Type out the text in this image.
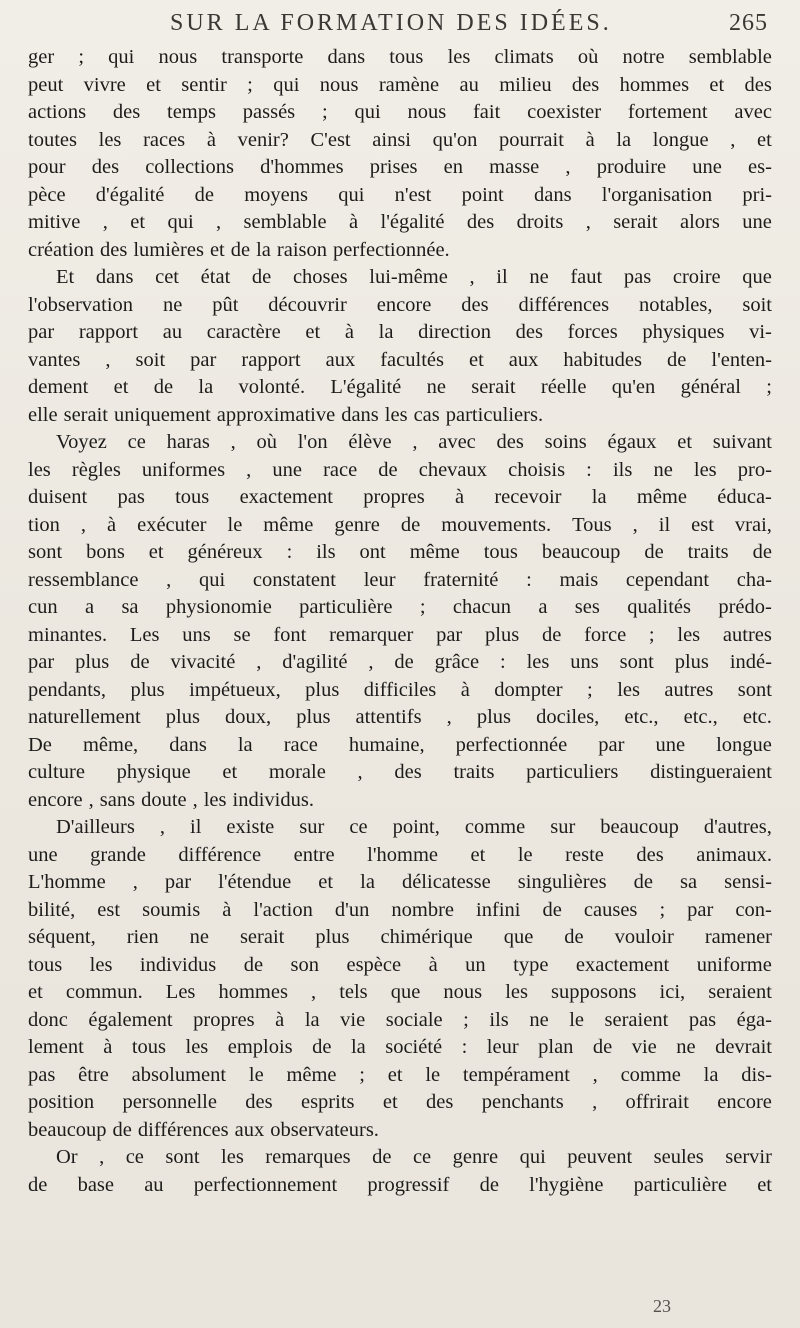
SUR LA FORMATION DES IDÉES.	265
ger ; qui nous transporte dans tous les climats où notre semblable
peut vivre et sentir ; qui nous ramène au milieu des hommes et des
actions des temps passés ; qui nous fait coexister fortement avec
toutes les races à venir? C'est ainsi qu'on pourrait à la longue , et
pour des collections d'hommes prises en masse , produire une es-
pèce d'égalité de moyens qui n'est point dans l'organisation pri-
mitive , et qui , semblable à l'égalité des droits , serait alors une
création des lumières et de la raison perfectionnée.
Et dans cet état de choses lui-même , il ne faut pas croire que
l'observation ne pût découvrir encore des différences notables, soit
par rapport au caractère et à la direction des forces physiques vi-
vantes , soit par rapport aux facultés et aux habitudes de l'enten-
dement et de la volonté. L'égalité ne serait réelle qu'en général ;
elle serait uniquement approximative dans les cas particuliers.
Voyez ce haras , où l'on élève , avec des soins égaux et suivant
les règles uniformes , une race de chevaux choisis : ils ne les pro-
duisent pas tous exactement propres à recevoir la même éduca-
tion , à exécuter le même genre de mouvements. Tous , il est vrai,
sont bons et généreux : ils ont même tous beaucoup de traits de
ressemblance , qui constatent leur fraternité : mais cependant cha-
cun a sa physionomie particulière ; chacun a ses qualités prédo-
minantes. Les uns se font remarquer par plus de force ; les autres
par plus de vivacité , d'agilité , de grâce : les uns sont plus indé-
pendants, plus impétueux, plus difficiles à dompter ; les autres sont
naturellement plus doux, plus attentifs , plus dociles, etc., etc., etc.
De même, dans la race humaine, perfectionnée par une longue
culture physique et morale , des traits particuliers distingueraient
encore , sans doute , les individus.
D'ailleurs , il existe sur ce point, comme sur beaucoup d'autres,
une grande différence entre l'homme et le reste des animaux.
L'homme , par l'étendue et la délicatesse singulières de sa sensi-
bilité, est soumis à l'action d'un nombre infini de causes ; par con-
séquent, rien ne serait plus chimérique que de vouloir ramener
tous les individus de son espèce à un type exactement uniforme
et commun. Les hommes , tels que nous les supposons ici, seraient
donc également propres à la vie sociale ; ils ne le seraient pas éga-
lement à tous les emplois de la société : leur plan de vie ne devrait
pas être absolument le même ; et le tempérament , comme la dis-
position personnelle des esprits et des penchants , offrirait encore
beaucoup de différences aux observateurs.
Or , ce sont les remarques de ce genre qui peuvent seules servir
de base au perfectionnement progressif de l'hygiène particulière et
23
